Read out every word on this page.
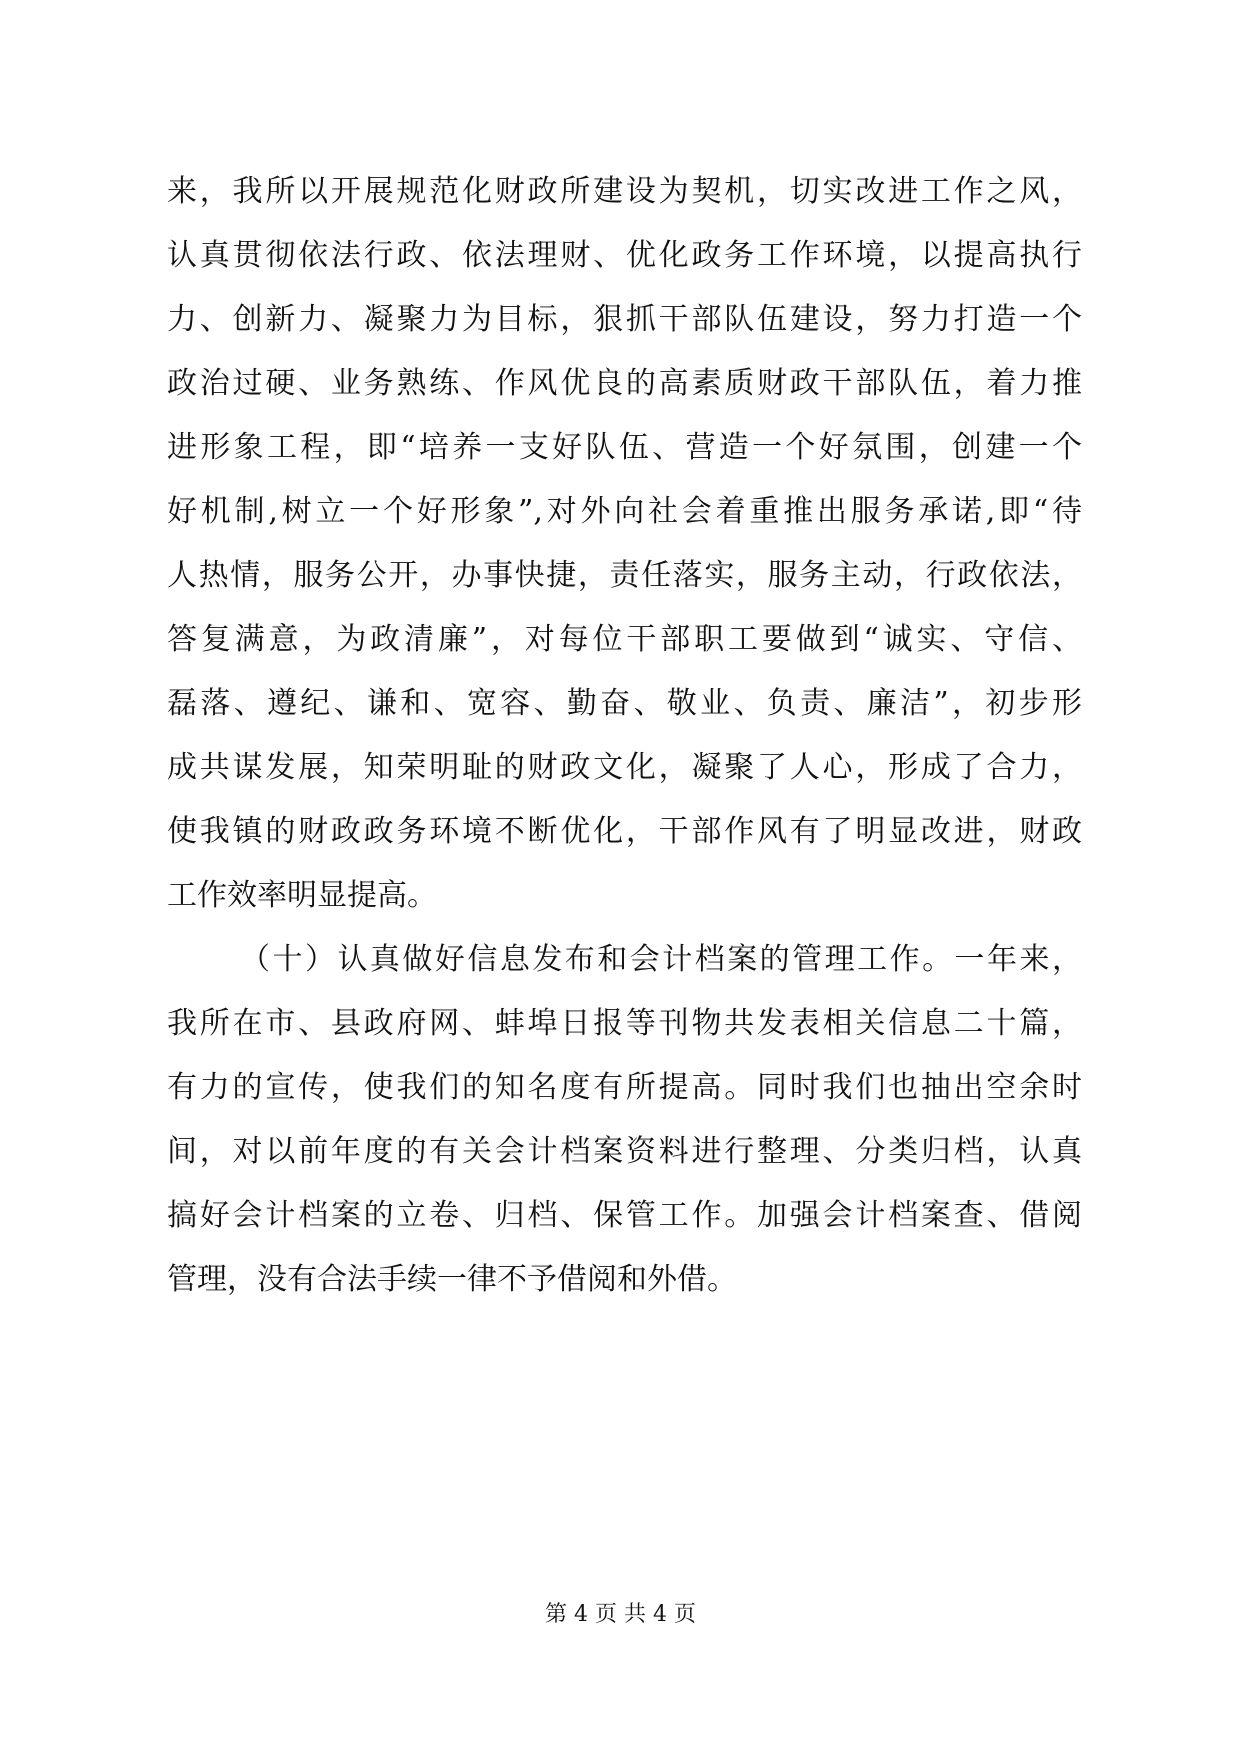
来，我所以开展规范化财政所建设为契机，切实改进工作之风，
认真贯彻依法行政、依法理财、优化政务工作环境，以提高执行
力、创新力、凝聚力为目标，狠抓干部队伍建设，努力打造一个
政治过硬、业务熟练、作风优良的高素质财政干部队伍，着力推
进形象工程，即“培养一支好队伍、营造一个好氛围，创建一个
好机制,树立一个好形象”,对外向社会着重推出服务承诺,即“待
人热情，服务公开，办事快捷，责任落实，服务主动，行政依法，
答复满意，为政清廉”，对每位干部职工要做到“诚实、守信、
磊落、遵纪、谦和、宽容、勤奋、敬业、负责、廉洁”，初步形
成共谋发展，知荣明耻的财政文化，凝聚了人心，形成了合力，
使我镇的财政政务环境不断优化，干部作风有了明显改进，财政
工作效率明显提高。
（十）认真做好信息发布和会计档案的管理工作。一年来，
我所在市、县政府网、蚌埠日报等刊物共发表相关信息二十篇，
有力的宣传，使我们的知名度有所提高。同时我们也抽出空余时
间，对以前年度的有关会计档案资料进行整理、分类归档，认真
搞好会计档案的立卷、归档、保管工作。加强会计档案查、借阅
管理，没有合法手续一律不予借阅和外借。
第 4 页 共 4 页
